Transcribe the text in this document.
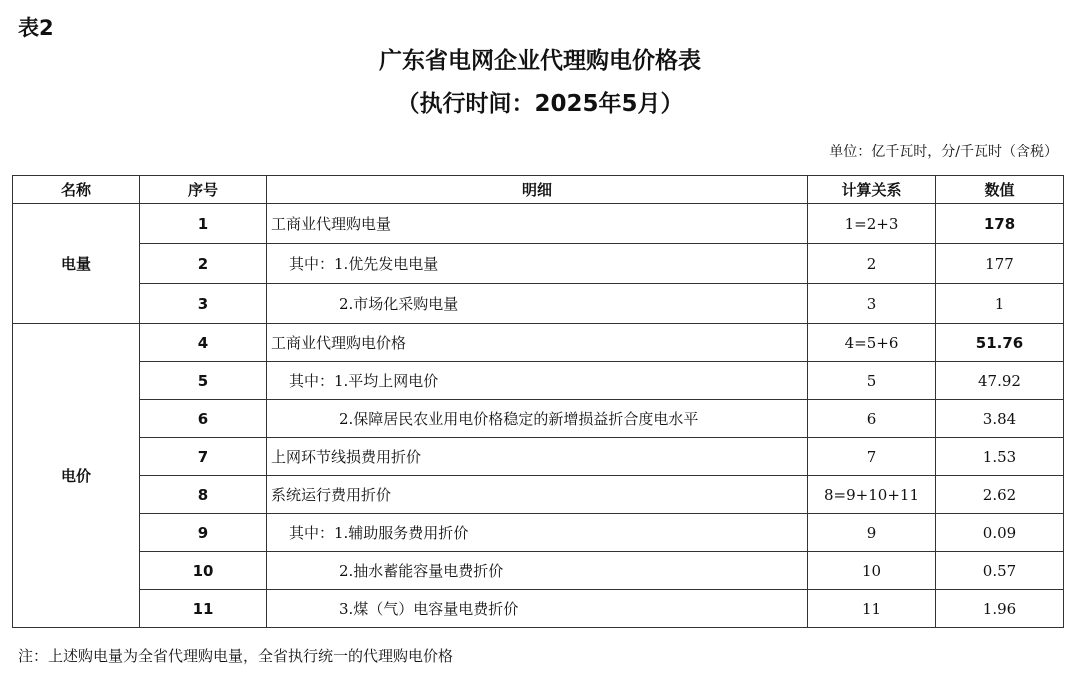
表2
广东省电网企业代理购电价格表
（执行时间：2025年5月）
单位：亿千瓦时，分/千瓦时（含税）
名称	序号	明细	计算关系	数值
电量	1	工商业代理购电量	1=2+3	178
	2	其中：1.优先发电电量	2	177
	3	2.市场化采购电量	3	1
电价	4	工商业代理购电价格	4=5+6	51.76
	5	其中：1.平均上网电价	5	47.92
	6	2.保障居民农业用电价格稳定的新增损益折合度电水平	6	3.84
	7	上网环节线损费用折价	7	1.53
	8	系统运行费用折价	8=9+10+11	2.62
	9	其中：1.辅助服务费用折价	9	0.09
	10	2.抽水蓄能容量电费折价	10	0.57
	11	3.煤（气）电容量电费折价	11	1.96
注：上述购电量为全省代理购电量，全省执行统一的代理购电价格
